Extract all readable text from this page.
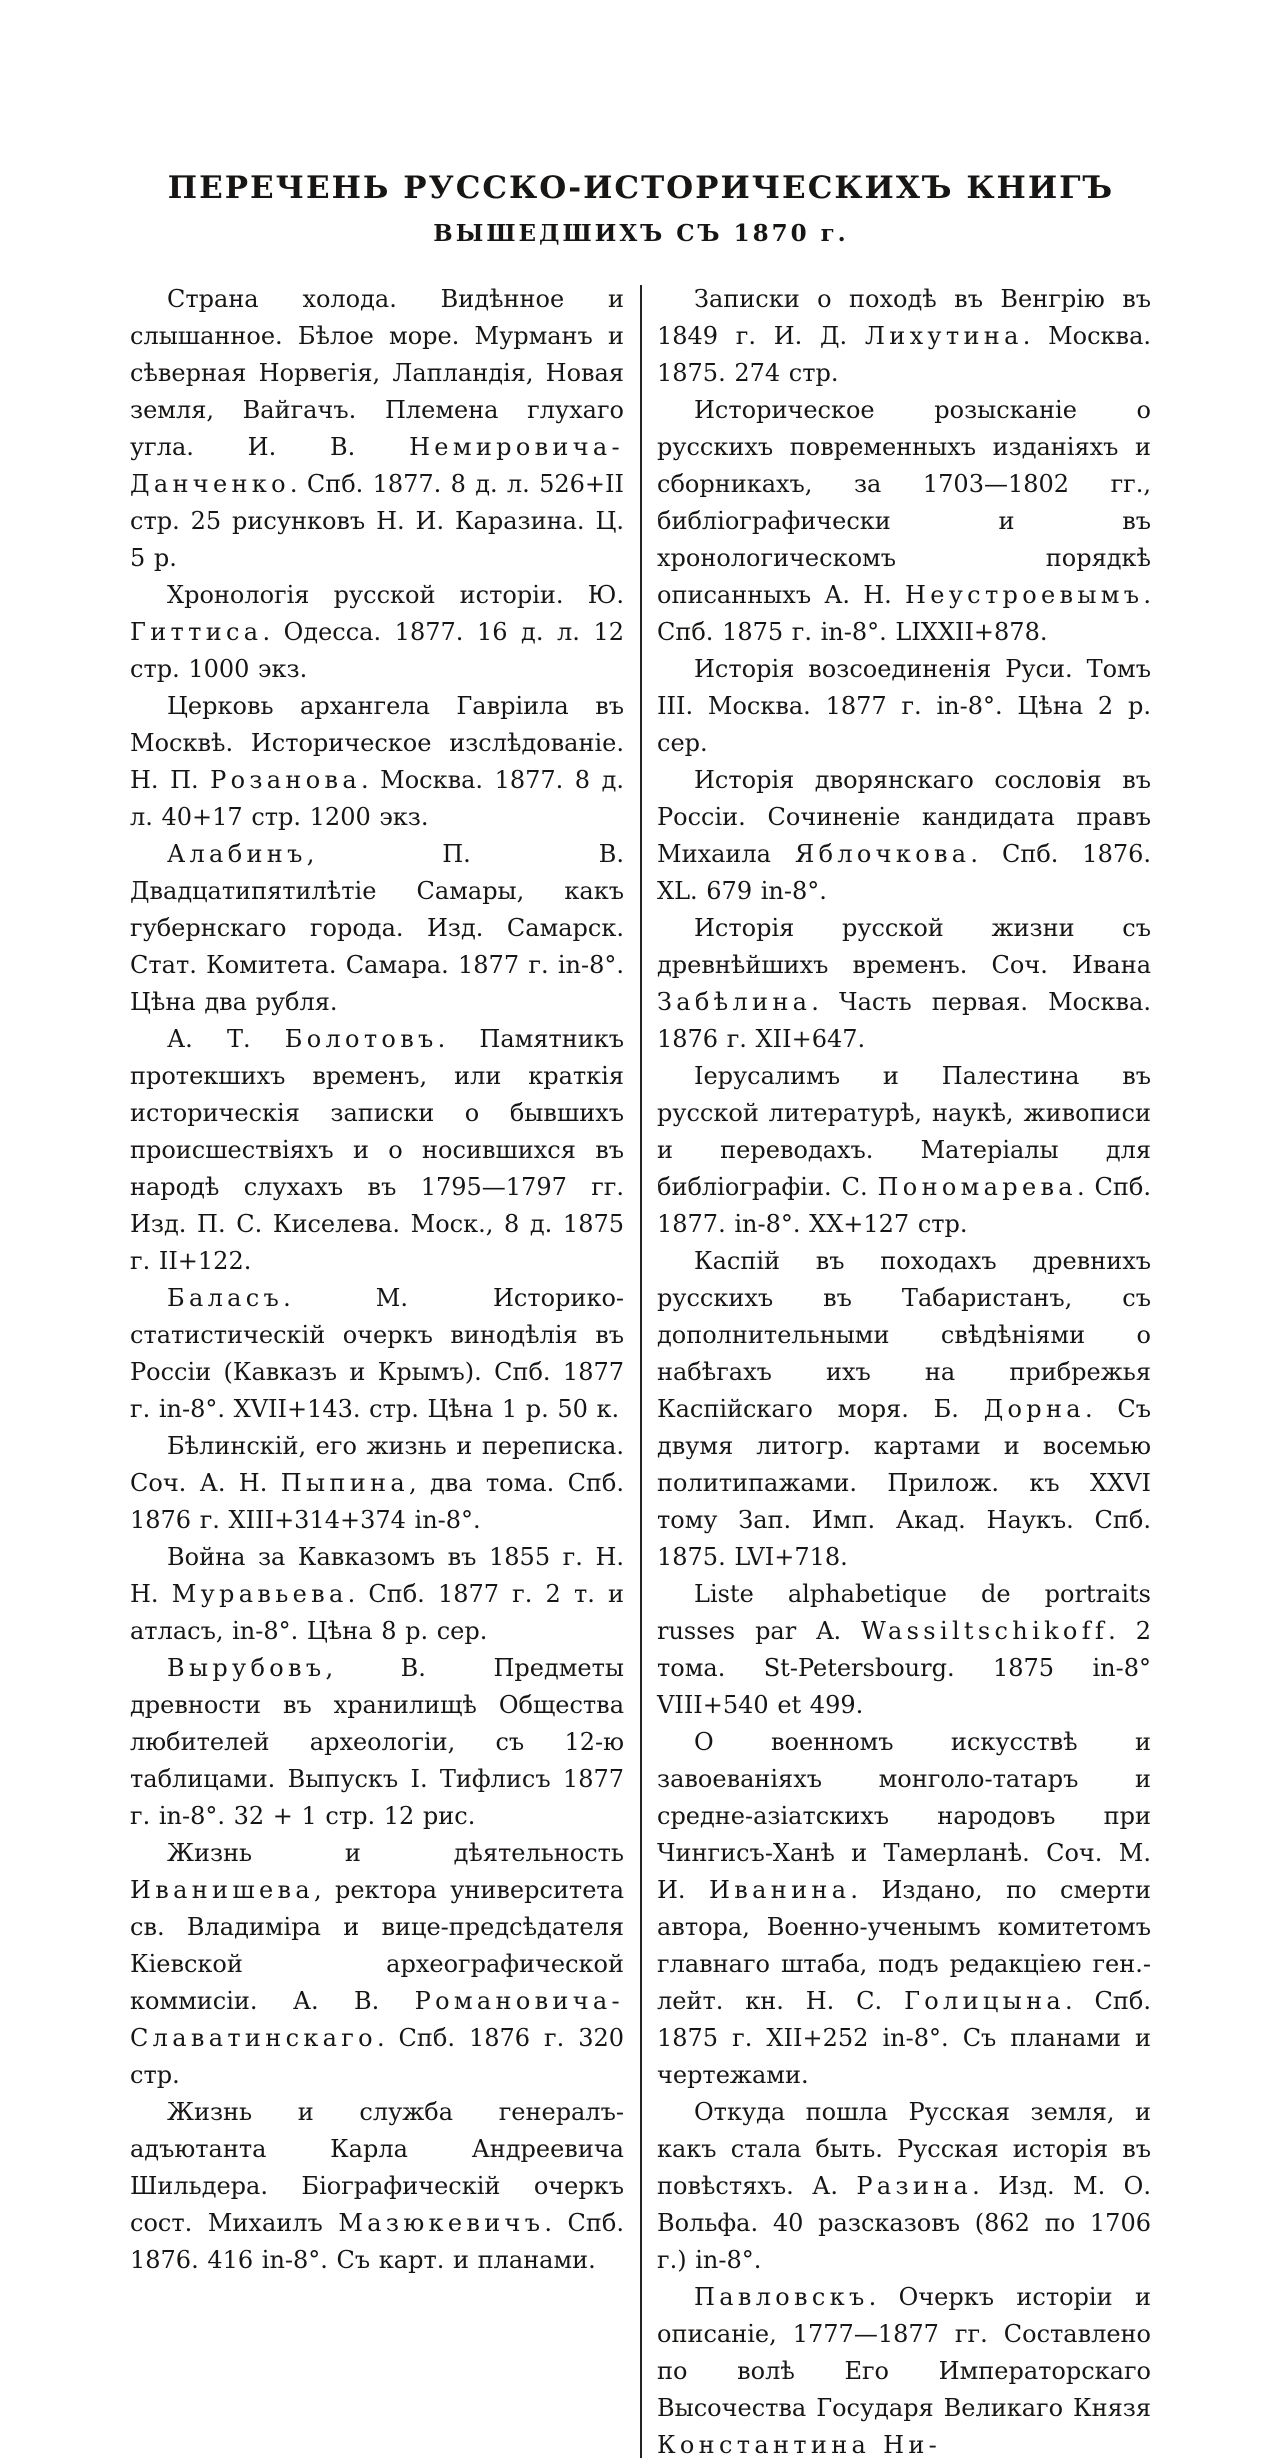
ПЕРЕЧЕНЬ РУССКО-ИСТОРИЧЕСКИХЪ КНИГЪ
ВЫШЕДШИХЪ СЪ 1870 г.

Страна холода. Видѣнное и слышанное. Бѣлое море. Мурманъ и сѣверная Норвегія, Лапландія, Новая земля, Вайгачъ. Племена глухаго угла. И. В. Немировича-Данченко. Спб. 1877. 8 д. л. 526+II стр. 25 рисунковъ Н. И. Каразина. Ц. 5 р.

Хронологія русской исторіи. Ю. Гиттиса. Одесса. 1877. 16 д. л. 12 стр. 1000 экз.

Церковь архангела Гавріила въ Москвѣ. Историческое изслѣдованіе. Н. П. Розанова. Москва. 1877. 8 д. л. 40+17 стр. 1200 экз.

Алабинъ, П. В. Двадцатипятилѣтіе Самары, какъ губернскаго города. Изд. Самарск. Стат. Комитета. Самара. 1877 г. in-8°. Цѣна два рубля.

А. Т. Болотовъ. Памятникъ протекшихъ временъ, или краткія историческія записки о бывшихъ происшествіяхъ и о носившихся въ народѣ слухахъ въ 1795—1797 гг. Изд. П. С. Киселева. Моск., 8 д. 1875 г. II+122.

Баласъ. М. Историко-статистическій очеркъ винодѣлія въ Россіи (Кавказъ и Крымъ). Спб. 1877 г. in-8°. XVII+143. стр. Цѣна 1 р. 50 к.

Бѣлинскій, его жизнь и переписка. Соч. А. Н. Пыпина, два тома. Спб. 1876 г. XIII+314+374 in-8°.

Война за Кавказомъ въ 1855 г. Н. Н. Муравьева. Спб. 1877 г. 2 т. и атласъ, in-8°. Цѣна 8 р. сер.

Вырубовъ, В. Предметы древности въ хранилищѣ Общества любителей археологіи, съ 12-ю таблицами. Выпускъ I. Тифлисъ 1877 г. in-8°. 32 + 1 стр. 12 рис.

Жизнь и дѣятельность Иванишева, ректора университета св. Владиміра и вице-предсѣдателя Кіевской археографической коммисіи. А. В. Романовича-Славатинскаго. Спб. 1876 г. 320 стр.

Жизнь и служба генералъ-адъютанта Карла Андреевича Шильдера. Біографическій очеркъ сост. Михаилъ Мазюкевичъ. Спб. 1876. 416 in-8°. Съ карт. и планами.

Записки о походѣ въ Венгрію въ 1849 г. И. Д. Лихутина. Москва. 1875. 274 стр.

Историческое розысканіе о русскихъ повременныхъ изданіяхъ и сборникахъ, за 1703—1802 гг., библіографически и въ хронологическомъ порядкѣ описанныхъ А. Н. Неустроевымъ. Спб. 1875 г. in-8°. LIXXII+878.

Исторія возсоединенія Руси. Томъ III. Москва. 1877 г. in-8°. Цѣна 2 р. сер.

Исторія дворянскаго сословія въ Россіи. Сочиненіе кандидата правъ Михаила Яблочкова. Спб. 1876. XL. 679 in-8°.

Исторія русской жизни съ древнѣйшихъ временъ. Соч. Ивана Забѣлина. Часть первая. Москва. 1876 г. XII+647.

Іерусалимъ и Палестина въ русской литературѣ, наукѣ, живописи и переводахъ. Матеріалы для библіографіи. С. Пономарева. Спб. 1877. in-8°. XX+127 стр.

Каспій въ походахъ древнихъ русскихъ въ Табаристанъ, съ дополнительными свѣдѣніями о набѣгахъ ихъ на прибрежья Каспійскаго моря. Б. Дорна. Съ двумя литогр. картами и восемью политипажами. Прилож. къ XXVI тому Зап. Имп. Акад. Наукъ. Спб. 1875. LVI+718.

Liste alphabetique de portraits russes par A. Wassiltschikoff. 2 тома. St-Petersbourg. 1875 in-8° VIII+540 et 499.

О военномъ искусствѣ и завоеваніяхъ монголо-татаръ и средне-азіатскихъ народовъ при Чингисъ-Ханѣ и Тамерланѣ. Соч. М. И. Иванина. Издано, по смерти автора, Военно-ученымъ комитетомъ главнаго штаба, подъ редакціею ген.-лейт. кн. Н. С. Голицына. Спб. 1875 г. XII+252 in-8°. Съ планами и чертежами.

Откуда пошла Русская земля, и какъ стала быть. Русская исторія въ повѣстяхъ. А. Разина. Изд. М. О. Вольфа. 40 разсказовъ (862 по 1706 г.) in-8°.

Павловскъ. Очеркъ исторіи и описаніе, 1777—1877 гг. Составлено по волѣ Его Императорскаго Высочества Государя Великаго Князя Константина Ни-
